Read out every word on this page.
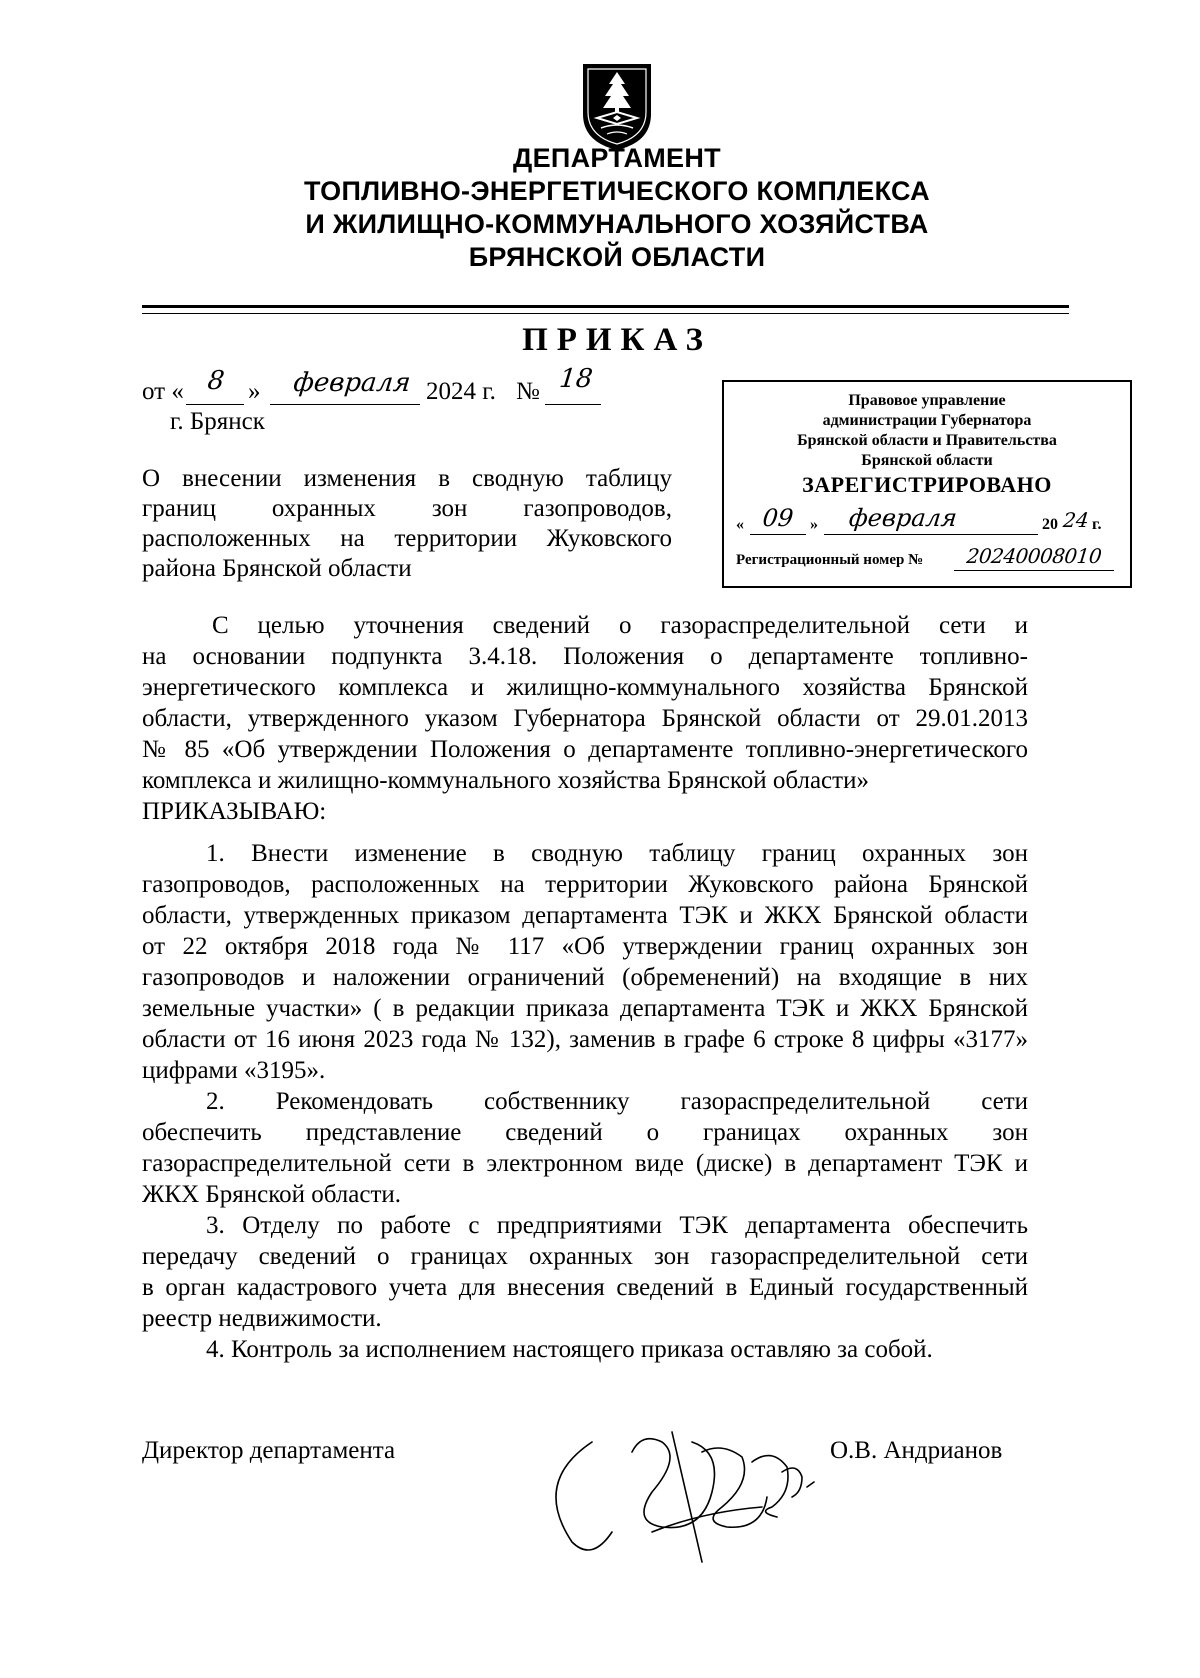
ДЕПАРТАМЕНТ
ТОПЛИВНО-ЭНЕРГЕТИЧЕСКОГО КОМПЛЕКСА
И ЖИЛИЩНО-КОММУНАЛЬНОГО ХОЗЯЙСТВА
БРЯНСКОЙ ОБЛАСТИ
ПРИКАЗ
от « 8 »	февраля 2024 г. № 18
г. Брянск
Правовое управление
администрации Губернатора
Брянской области и Правительства
Брянской области
ЗАРЕГИСТРИРОВАНО
« 09 »	февраля	20 24 г.
Регистрационный номер №	20240008010
О внесении изменения в сводную таблицу
границ охранных зон газопроводов,
расположенных на территории Жуковского
района Брянской области
С целью уточнения сведений о газораспределительной сети и
на основании подпункта 3.4.18. Положения о департаменте топливно-
энергетического комплекса и жилищно-коммунального хозяйства Брянской
области, утвержденного указом Губернатора Брянской области от 29.01.2013
№ 85 «Об утверждении Положения о департаменте топливно-энергетического
комплекса и жилищно-коммунального хозяйства Брянской области»
ПРИКАЗЫВАЮ:
1. Внести изменение в сводную таблицу границ охранных зон
газопроводов, расположенных на территории Жуковского района Брянской
области, утвержденных приказом департамента ТЭК и ЖКХ Брянской области
от 22 октября 2018 года № 117 «Об утверждении границ охранных зон
газопроводов и наложении ограничений (обременений) на входящие в них
земельные участки» ( в редакции приказа департамента ТЭК и ЖКХ Брянской
области от 16 июня 2023 года № 132), заменив в графе 6 строке 8 цифры «3177»
цифрами «3195».
2. Рекомендовать собственнику газораспределительной сети
обеспечить представление сведений о границах охранных зон
газораспределительной сети в электронном виде (диске) в департамент ТЭК и
ЖКХ Брянской области.
3. Отделу по работе с предприятиями ТЭК департамента обеспечить
передачу сведений о границах охранных зон газораспределительной сети
в орган кадастрового учета для внесения сведений в Единый государственный
реестр недвижимости.
4. Контроль за исполнением настоящего приказа оставляю за собой.
Директор департамента	О.В. Андрианов
